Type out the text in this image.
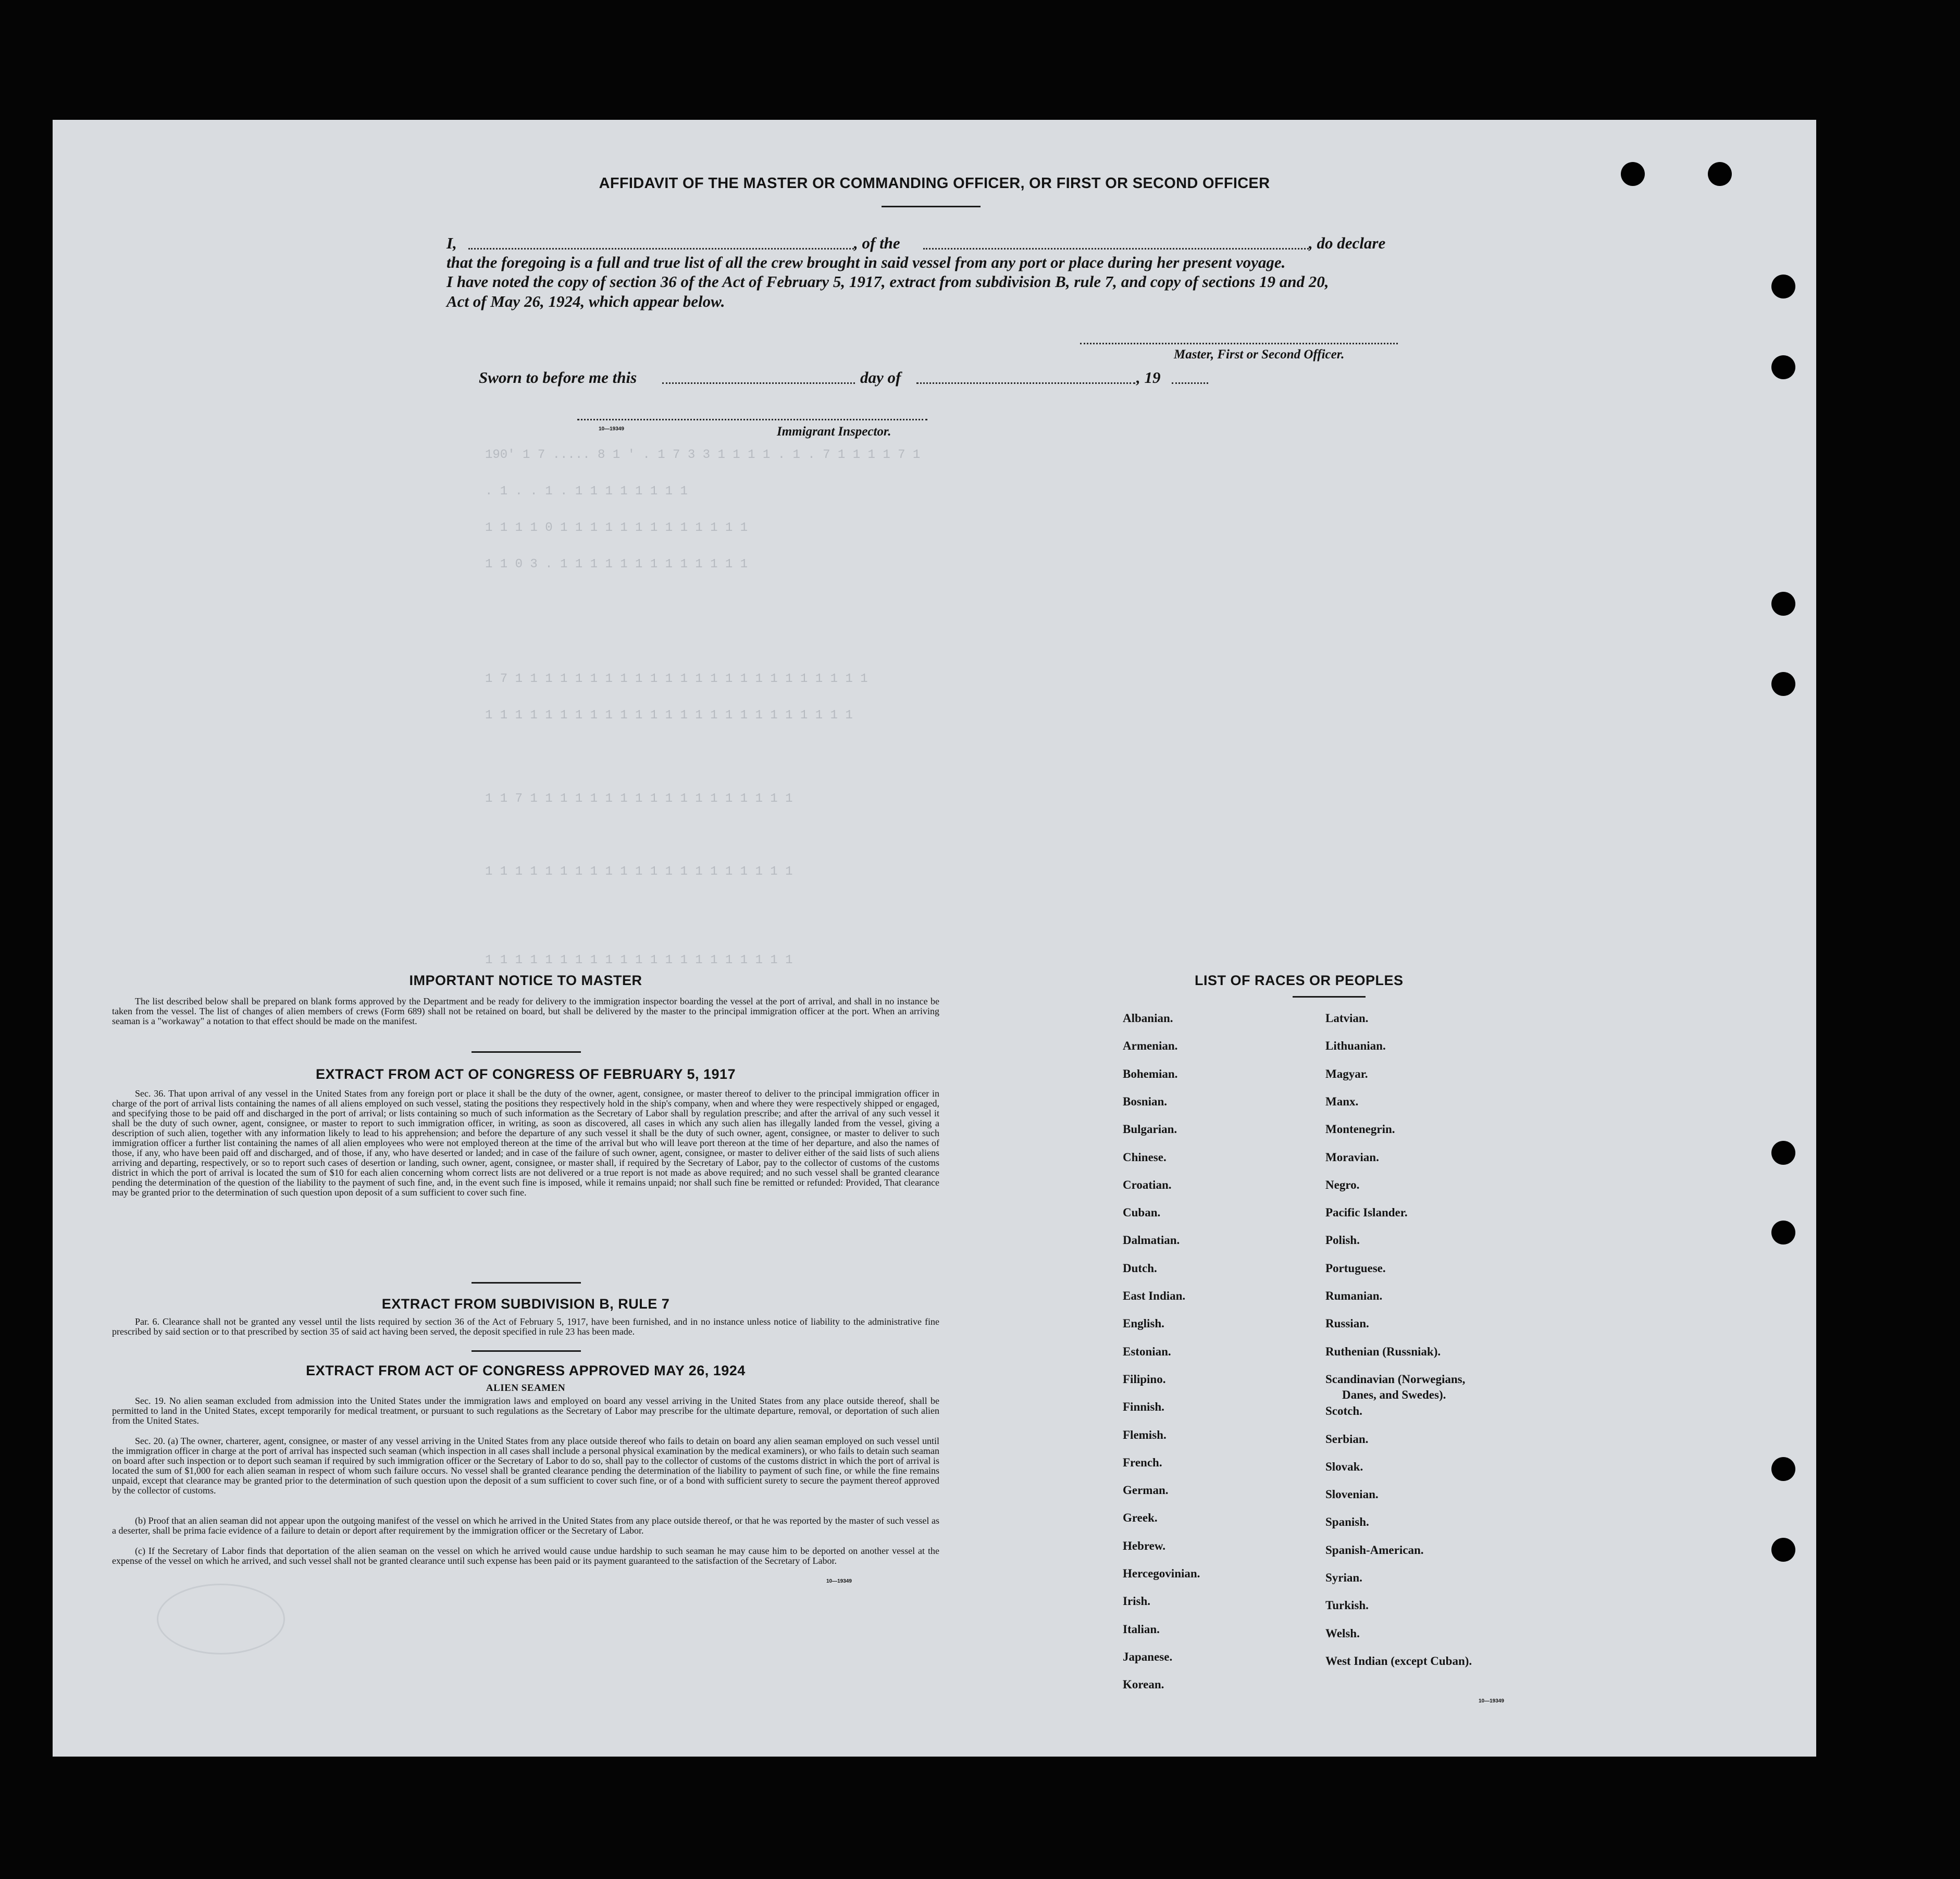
190' 1 7 ..... 8 1 ' . 1 7 3 3 1 1 1 1 . 1 . 7 1 1 1 1 7 1
. 1 . . 1 . 1 1 1 1 1 1 1 1
1 1 1 1 0 1 1 1 1 1 1 1 1 1 1 1 1 1
1 1 0 3 . 1 1 1 1 1 1 1 1 1 1 1 1 1
1 7 1 1 1 1 1 1 1 1 1 1 1 1 1 1 1 1 1 1 1 1 1 1 1 1
1 1 1 1 1 1 1 1 1 1 1 1 1 1 1 1 1 1 1 1 1 1 1 1 1
1 1 7 1 1 1 1 1 1 1 1 1 1 1 1 1 1 1 1 1 1
1 1 1 1 1 1 1 1 1 1 1 1 1 1 1 1 1 1 1 1 1
1 1 1 1 1 1 1 1 1 1 1 1 1 1 1 1 1 1 1 1 1
AFFIDAVIT OF THE MASTER OR COMMANDING OFFICER, OR FIRST OR SECOND OFFICER
I,	, of the	, do declare
that the foregoing is a full and true list of all the crew brought in said vessel from any port or place during her present voyage.
I have noted the copy of section 36 of the Act of February 5, 1917, extract from subdivision B, rule 7, and copy of sections 19 and 20,
Act of May 26, 1924, which appear below.
Master, First or Second Officer.
Sworn to before me this	day of	, 19
10—19349	Immigrant Inspector.
IMPORTANT NOTICE TO MASTER
The list described below shall be prepared on blank forms approved by the Department and be ready for delivery to the immigration inspector boarding the vessel at the port of arrival, and shall in no instance be taken from the vessel. The list of changes of alien members of crews (Form 689) shall not be retained on board, but shall be delivered by the master to the principal immigration officer at the port. When an arriving seaman is a "workaway" a notation to that effect should be made on the manifest.
EXTRACT FROM ACT OF CONGRESS OF FEBRUARY 5, 1917
Sec. 36. That upon arrival of any vessel in the United States from any foreign port or place it shall be the duty of the owner, agent, consignee, or master thereof to deliver to the principal immigration officer in charge of the port of arrival lists containing the names of all aliens employed on such vessel, stating the positions they respectively hold in the ship's company, when and where they were respectively shipped or engaged, and specifying those to be paid off and discharged in the port of arrival; or lists containing so much of such information as the Secretary of Labor shall by regulation prescribe; and after the arrival of any such vessel it shall be the duty of such owner, agent, consignee, or master to report to such immigration officer, in writing, as soon as discovered, all cases in which any such alien has illegally landed from the vessel, giving a description of such alien, together with any information likely to lead to his apprehension; and before the departure of any such vessel it shall be the duty of such owner, agent, consignee, or master to deliver to such immigration officer a further list containing the names of all alien employees who were not employed thereon at the time of the arrival but who will leave port thereon at the time of her departure, and also the names of those, if any, who have been paid off and discharged, and of those, if any, who have deserted or landed; and in case of the failure of such owner, agent, consignee, or master to deliver either of the said lists of such aliens arriving and departing, respectively, or so to report such cases of desertion or landing, such owner, agent, consignee, or master shall, if required by the Secretary of Labor, pay to the collector of customs of the customs district in which the port of arrival is located the sum of $10 for each alien concerning whom correct lists are not delivered or a true report is not made as above required; and no such vessel shall be granted clearance pending the determination of the question of the liability to the payment of such fine, and, in the event such fine is imposed, while it remains unpaid; nor shall such fine be remitted or refunded: Provided, That clearance may be granted prior to the determination of such question upon deposit of a sum sufficient to cover such fine.
EXTRACT FROM SUBDIVISION B, RULE 7
Par. 6. Clearance shall not be granted any vessel until the lists required by section 36 of the Act of February 5, 1917, have been furnished, and in no instance unless notice of liability to the administrative fine prescribed by said section or to that prescribed by section 35 of said act having been served, the deposit specified in rule 23 has been made.
EXTRACT FROM ACT OF CONGRESS APPROVED MAY 26, 1924
ALIEN SEAMEN
Sec. 19. No alien seaman excluded from admission into the United States under the immigration laws and employed on board any vessel arriving in the United States from any place outside thereof, shall be permitted to land in the United States, except temporarily for medical treatment, or pursuant to such regulations as the Secretary of Labor may prescribe for the ultimate departure, removal, or deportation of such alien from the United States.
Sec. 20. (a) The owner, charterer, agent, consignee, or master of any vessel arriving in the United States from any place outside thereof who fails to detain on board any alien seaman employed on such vessel until the immigration officer in charge at the port of arrival has inspected such seaman (which inspection in all cases shall include a personal physical examination by the medical examiners), or who fails to detain such seaman on board after such inspection or to deport such seaman if required by such immigration officer or the Secretary of Labor to do so, shall pay to the collector of customs of the customs district in which the port of arrival is located the sum of $1,000 for each alien seaman in respect of whom such failure occurs. No vessel shall be granted clearance pending the determination of the liability to payment of such fine, or while the fine remains unpaid, except that clearance may be granted prior to the determination of such question upon the deposit of a sum sufficient to cover such fine, or of a bond with sufficient surety to secure the payment thereof approved by the collector of customs.
(b) Proof that an alien seaman did not appear upon the outgoing manifest of the vessel on which he arrived in the United States from any place outside thereof, or that he was reported by the master of such vessel as a deserter, shall be prima facie evidence of a failure to detain or deport after requirement by the immigration officer or the Secretary of Labor.
(c) If the Secretary of Labor finds that deportation of the alien seaman on the vessel on which he arrived would cause undue hardship to such seaman he may cause him to be deported on another vessel at the expense of the vessel on which he arrived, and such vessel shall not be granted clearance until such expense has been paid or its payment guaranteed to the satisfaction of the Secretary of Labor.
10—19349
LIST OF RACES OR PEOPLES
10—19349
Albanian.
Armenian.
Bohemian.
Bosnian.
Bulgarian.
Chinese.
Croatian.
Cuban.
Dalmatian.
Dutch.
East Indian.
English.
Estonian.
Filipino.
Finnish.
Flemish.
French.
German.
Greek.
Hebrew.
Hercegovinian.
Irish.
Italian.
Japanese.
Korean.
Latvian.
Lithuanian.
Magyar.
Manx.
Montenegrin.
Moravian.
Negro.
Pacific Islander.
Polish.
Portuguese.
Rumanian.
Russian.
Ruthenian (Russniak).
Scandinavian (Norwegians,
Danes, and Swedes).
Scotch.
Serbian.
Slovak.
Slovenian.
Spanish.
Spanish-American.
Syrian.
Turkish.
Welsh.
West Indian (except Cuban).
